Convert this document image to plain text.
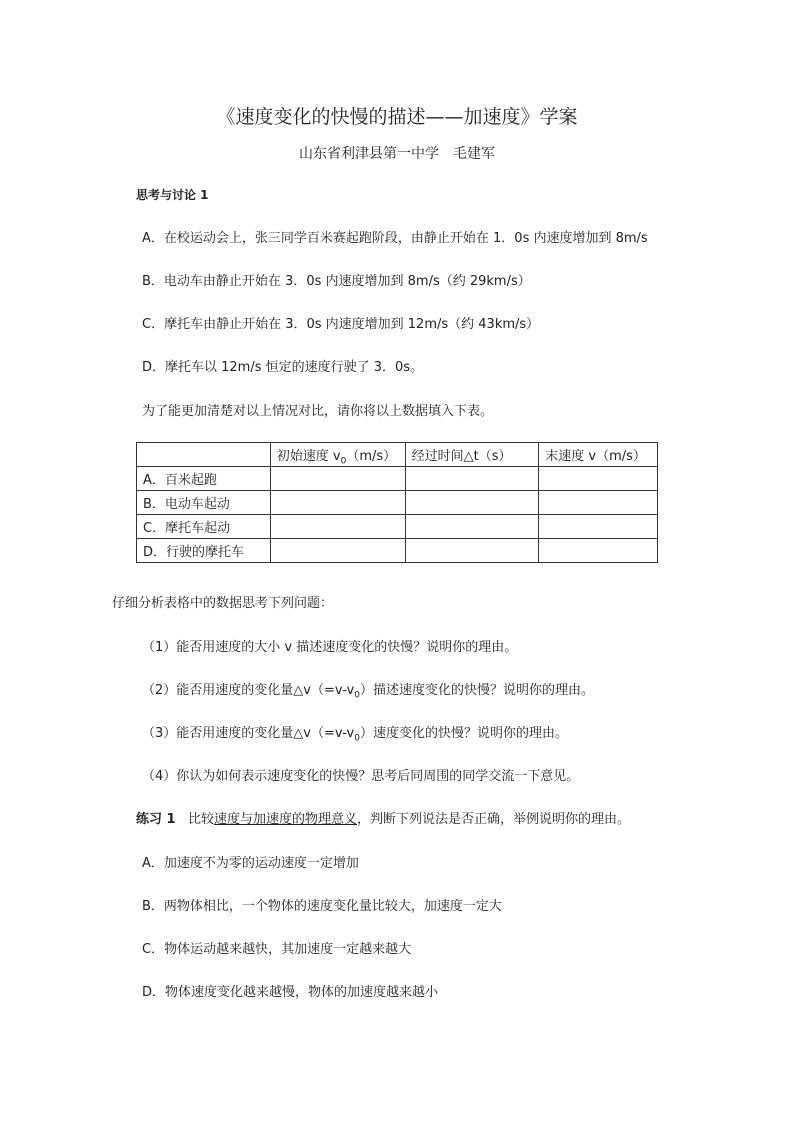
《速度变化的快慢的描述——加速度》学案
山东省利津县第一中学　毛建军
思考与讨论 1
A．在校运动会上，张三同学百米赛起跑阶段，由静止开始在 1．0s 内速度增加到 8m/s
B．电动车由静止开始在 3．0s 内速度增加到 8m/s（约 29km/s）
C．摩托车由静止开始在 3．0s 内速度增加到 12m/s（约 43km/s）
D．摩托车以 12m/s 恒定的速度行驶了 3．0s。
为了能更加清楚对以上情况对比，请你将以上数据填入下表。
	初始速度 $v_0(m/s)$	经过时间△t（s）	末速度 v（m/s）
A．百米起跑			
B．电动车起动			
C．摩托车起动			
D．行驶的摩托车			
仔细分析表格中的数据思考下列问题：
（1）能否用速度的大小 v 描述速度变化的快慢？说明你的理由。
（2）能否用速度的变化量$\triangle v(=v-v_0)$描述速度变化的快慢？说明你的理由。
（3）能否用速度的变化量$\triangle v(=v-v_0)$速度变化的快慢？说明你的理由。
（4）你认为如何表示速度变化的快慢？思考后同周围的同学交流一下意见。
练习 1 比较速度与加速度的物理意义，判断下列说法是否正确，举例说明你的理由。
A．加速度不为零的运动速度一定增加
B．两物体相比，一个物体的速度变化量比较大，加速度一定大
C．物体运动越来越快，其加速度一定越来越大
D．物体速度变化越来越慢，物体的加速度越来越小
